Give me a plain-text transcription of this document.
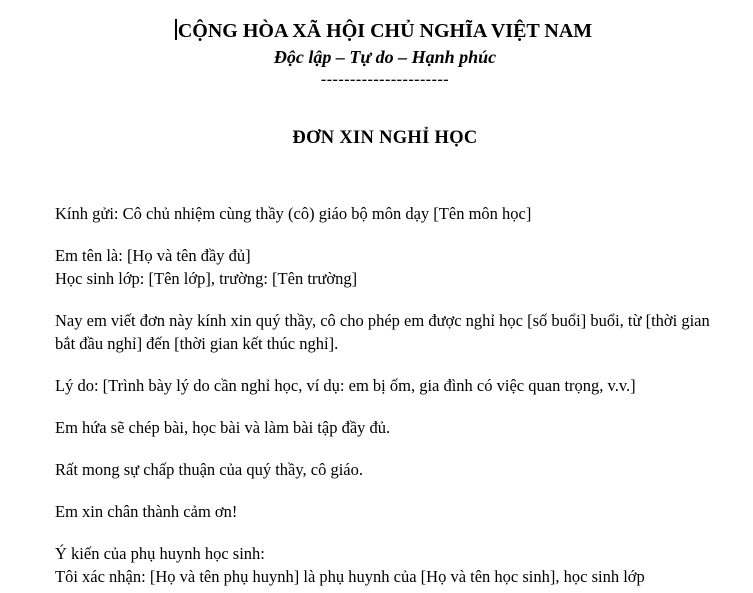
CỘNG HÒA XÃ HỘI CHỦ NGHĨA VIỆT NAM
Độc lập – Tự do – Hạnh phúc
----------------------
ĐƠN XIN NGHỈ HỌC
Kính gửi: Cô chủ nhiệm cùng thầy (cô) giáo bộ môn dạy [Tên môn học]
Em tên là: [Họ và tên đầy đủ]
Học sinh lớp: [Tên lớp], trường: [Tên trường]
Nay em viết đơn này kính xin quý thầy, cô cho phép em được nghỉ học [số buổi] buổi, từ [thời gian bắt đầu nghỉ] đến [thời gian kết thúc nghỉ].
Lý do: [Trình bày lý do cần nghỉ học, ví dụ: em bị ốm, gia đình có việc quan trọng, v.v.]
Em hứa sẽ chép bài, học bài và làm bài tập đầy đủ.
Rất mong sự chấp thuận của quý thầy, cô giáo.
Em xin chân thành cảm ơn!
Ý kiến của phụ huynh học sinh:
Tôi xác nhận: [Họ và tên phụ huynh] là phụ huynh của [Họ và tên học sinh], học sinh lớp
